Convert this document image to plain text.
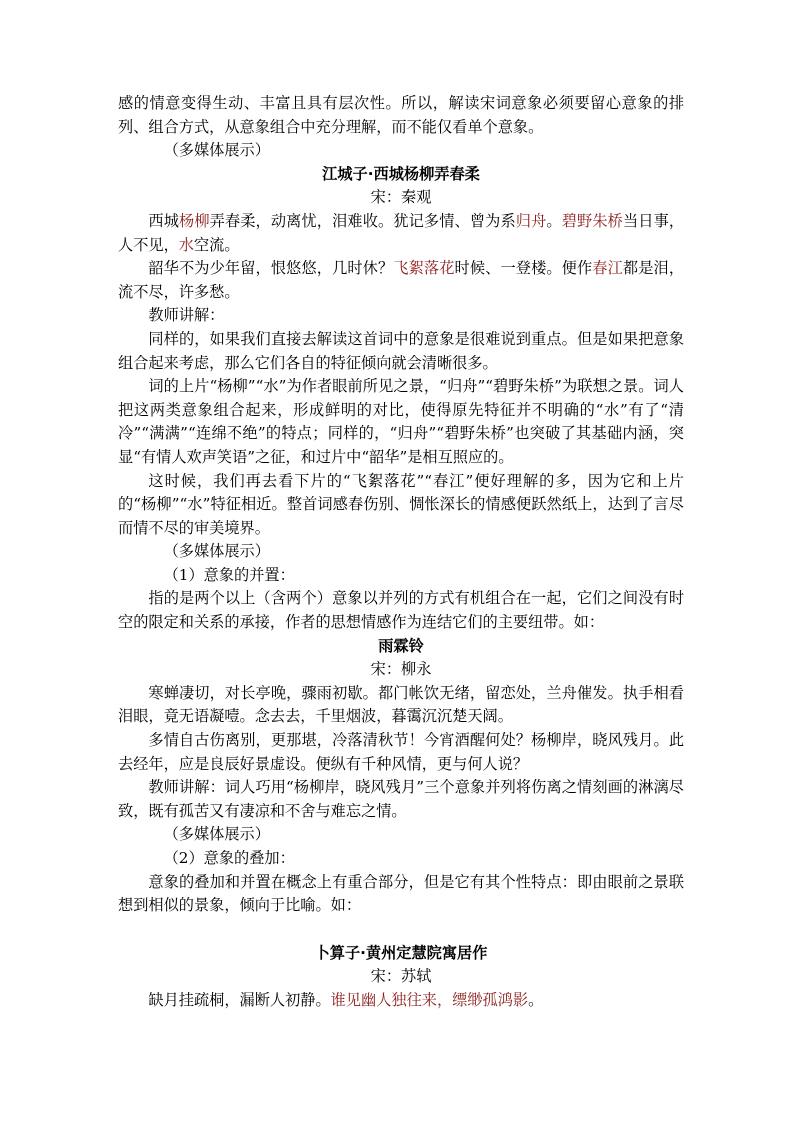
感的情意变得生动、丰富且具有层次性。所以，解读宋词意象必须要留心意象的排列、组合方式，从意象组合中充分理解，而不能仅看单个意象。

（多媒体展示）

江城子·西城杨柳弄春柔

宋：秦观

西城杨柳弄春柔，动离忧，泪难收。犹记多情、曾为系归舟。碧野朱桥当日事，人不见，水空流。

韶华不为少年留，恨悠悠，几时休？飞絮落花时候、一登楼。便作春江都是泪，流不尽，许多愁。

教师讲解：

同样的，如果我们直接去解读这首词中的意象是很难说到重点。但是如果把意象组合起来考虑，那么它们各自的特征倾向就会清晰很多。

词的上片“杨柳”“水”为作者眼前所见之景，“归舟”“碧野朱桥”为联想之景。词人把这两类意象组合起来，形成鲜明的对比，使得原先特征并不明确的“水”有了“清冷”“满满”“连绵不绝”的特点；同样的，“归舟”“碧野朱桥”也突破了其基础内涵，突显“有情人欢声笑语”之征，和过片中“韶华”是相互照应的。

这时候，我们再去看下片的“飞絮落花”“春江”便好理解的多，因为它和上片的“杨柳”“水”特征相近。整首词感春伤别、惆怅深长的情感便跃然纸上，达到了言尽而情不尽的审美境界。

（多媒体展示）

（1）意象的并置：

指的是两个以上（含两个）意象以并列的方式有机组合在一起，它们之间没有时空的限定和关系的承接，作者的思想情感作为连结它们的主要纽带。如：

雨霖铃

宋：柳永

寒蝉凄切，对长亭晚，骤雨初歇。都门帐饮无绪，留恋处，兰舟催发。执手相看泪眼，竟无语凝噎。念去去，千里烟波，暮霭沉沉楚天阔。

多情自古伤离别，更那堪，冷落清秋节！今宵酒醒何处？杨柳岸，晓风残月。此去经年，应是良辰好景虚设。便纵有千种风情，更与何人说？

教师讲解：词人巧用“杨柳岸，晓风残月”三个意象并列将伤离之情刻画的淋漓尽致，既有孤苦又有凄凉和不舍与难忘之情。

（多媒体展示）

（2）意象的叠加：

意象的叠加和并置在概念上有重合部分，但是它有其个性特点：即由眼前之景联想到相似的景象，倾向于比喻。如：

卜算子·黄州定慧院寓居作

宋：苏轼

缺月挂疏桐，漏断人初静。谁见幽人独往来，缥缈孤鸿影。
